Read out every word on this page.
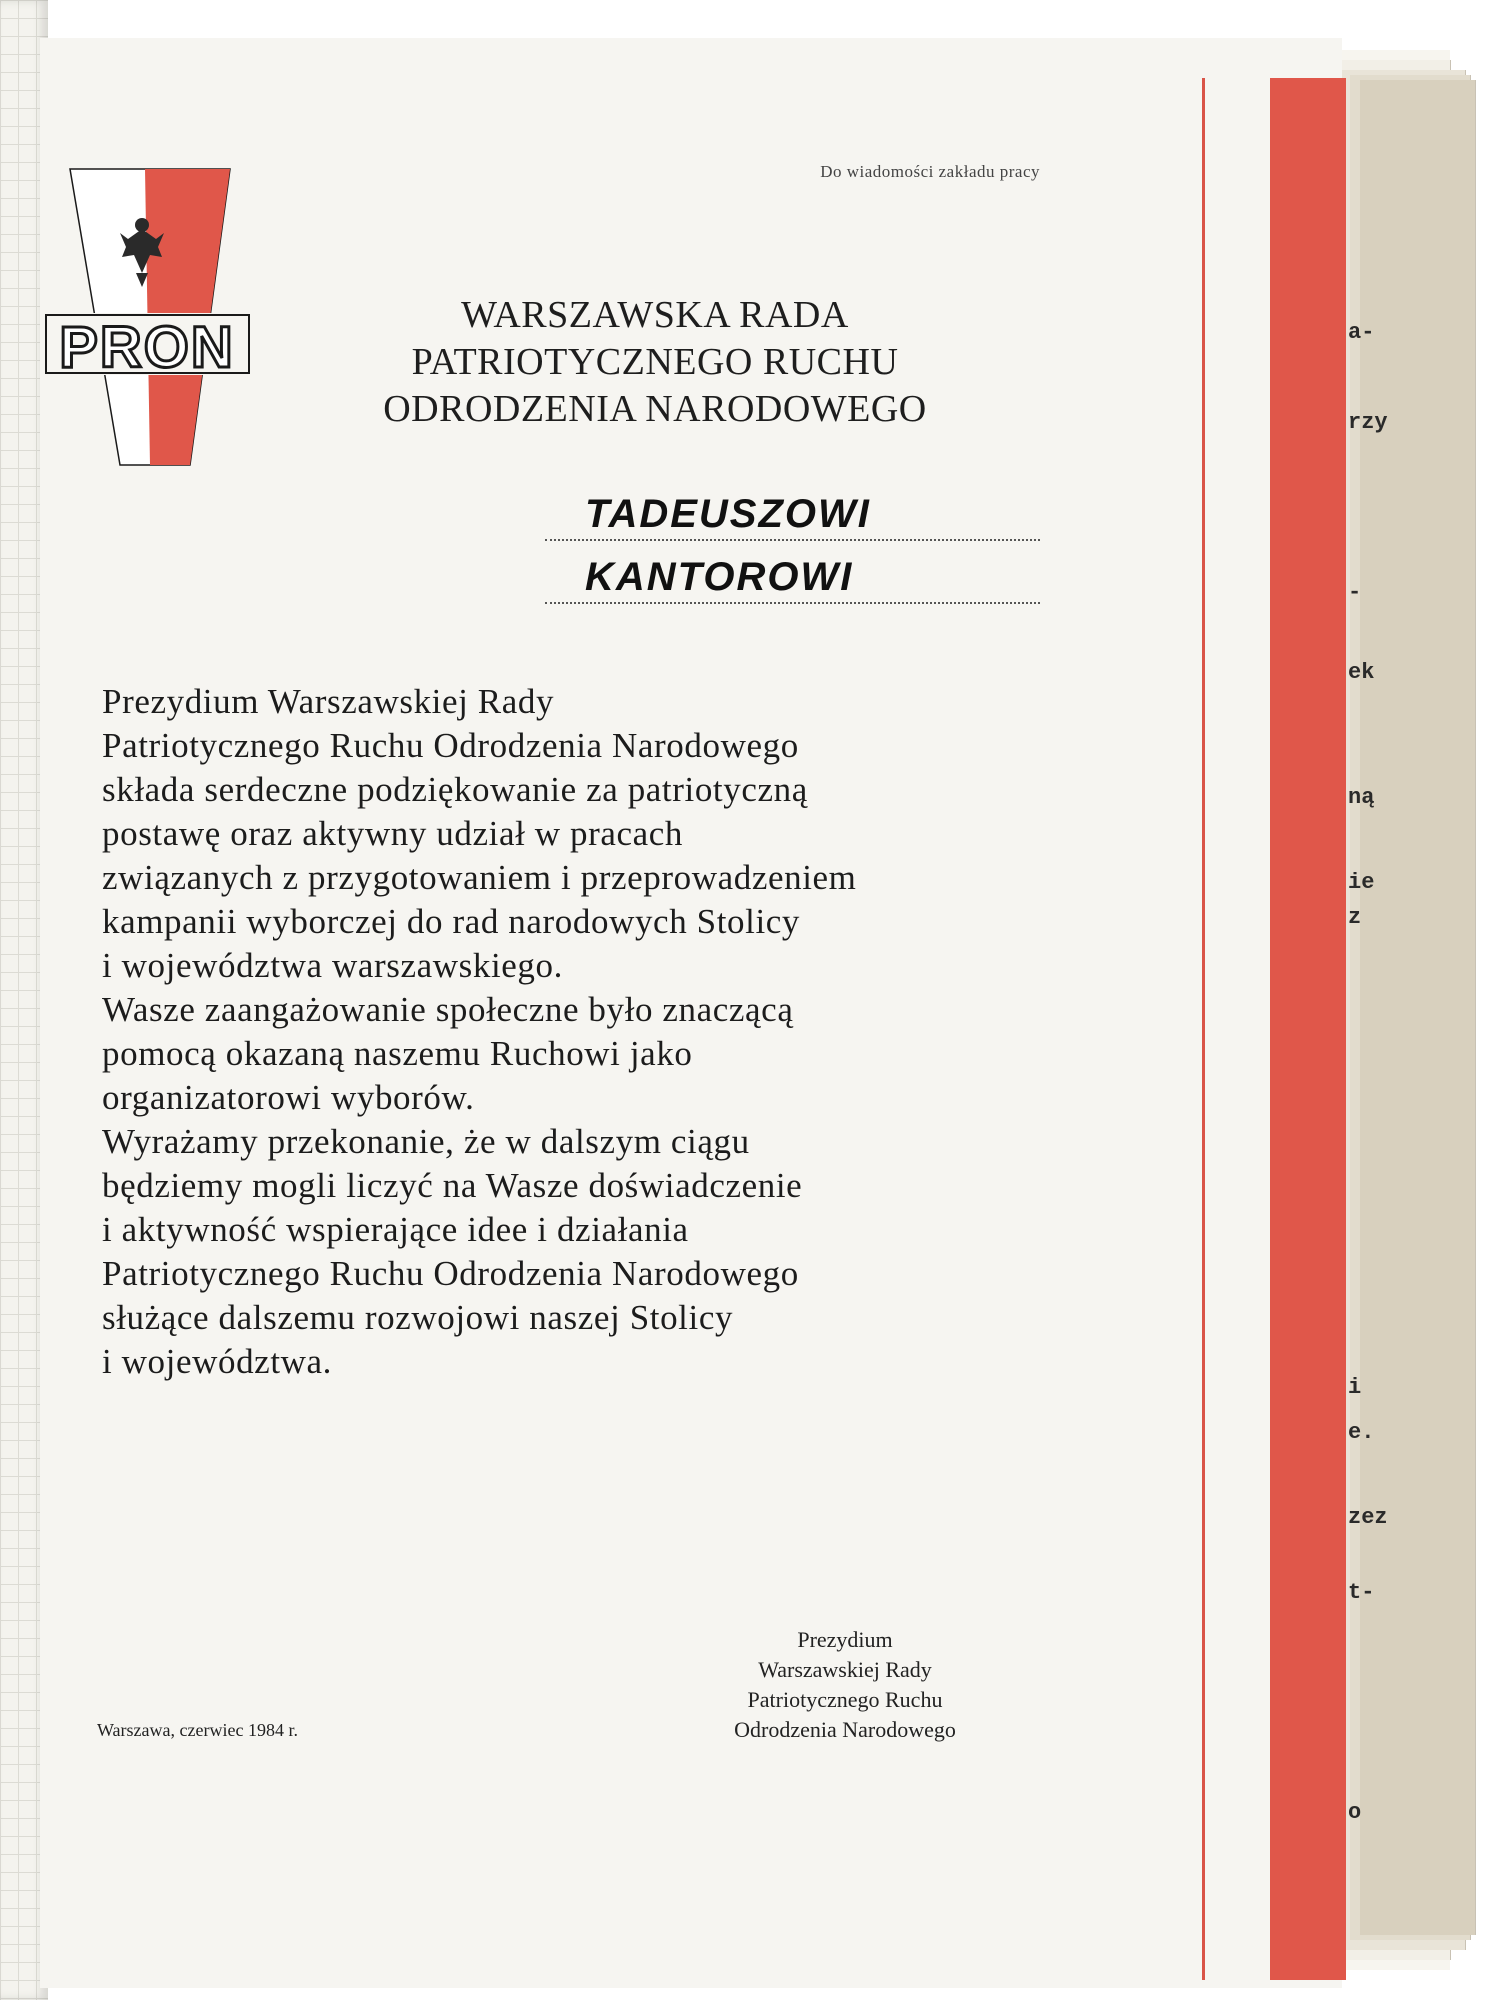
a-
rzy
-
ek
ną
ie
z
i
e.
zez
t-
o
Do wiadomości zakładu pracy
PRON	WARSZAWSKA RADA
PATRIOTYCZNEGO RUCHU
ODRODZENIA NARODOWEGO
TADEUSZOWI
KANTOROWI

Prezydium Warszawskiej Rady
Patriotycznego Ruchu Odrodzenia Narodowego
składa serdeczne podziękowanie za patriotyczną
postawę oraz aktywny udział w pracach
związanych z przygotowaniem i przeprowadzeniem
kampanii wyborczej do rad narodowych Stolicy
i województwa warszawskiego.

Wasze zaangażowanie społeczne było znaczącą
pomocą okazaną naszemu Ruchowi jako
organizatorowi wyborów.

Wyrażamy przekonanie, że w dalszym ciągu
będziemy mogli liczyć na Wasze doświadczenie
i aktywność wspierające idee i działania
Patriotycznego Ruchu Odrodzenia Narodowego
służące dalszemu rozwojowi naszej Stolicy
i województwa.

Warszawa, czerwiec 1984 r.
Prezydium
Warszawskiej Rady
Patriotycznego Ruchu
Odrodzenia Narodowego
